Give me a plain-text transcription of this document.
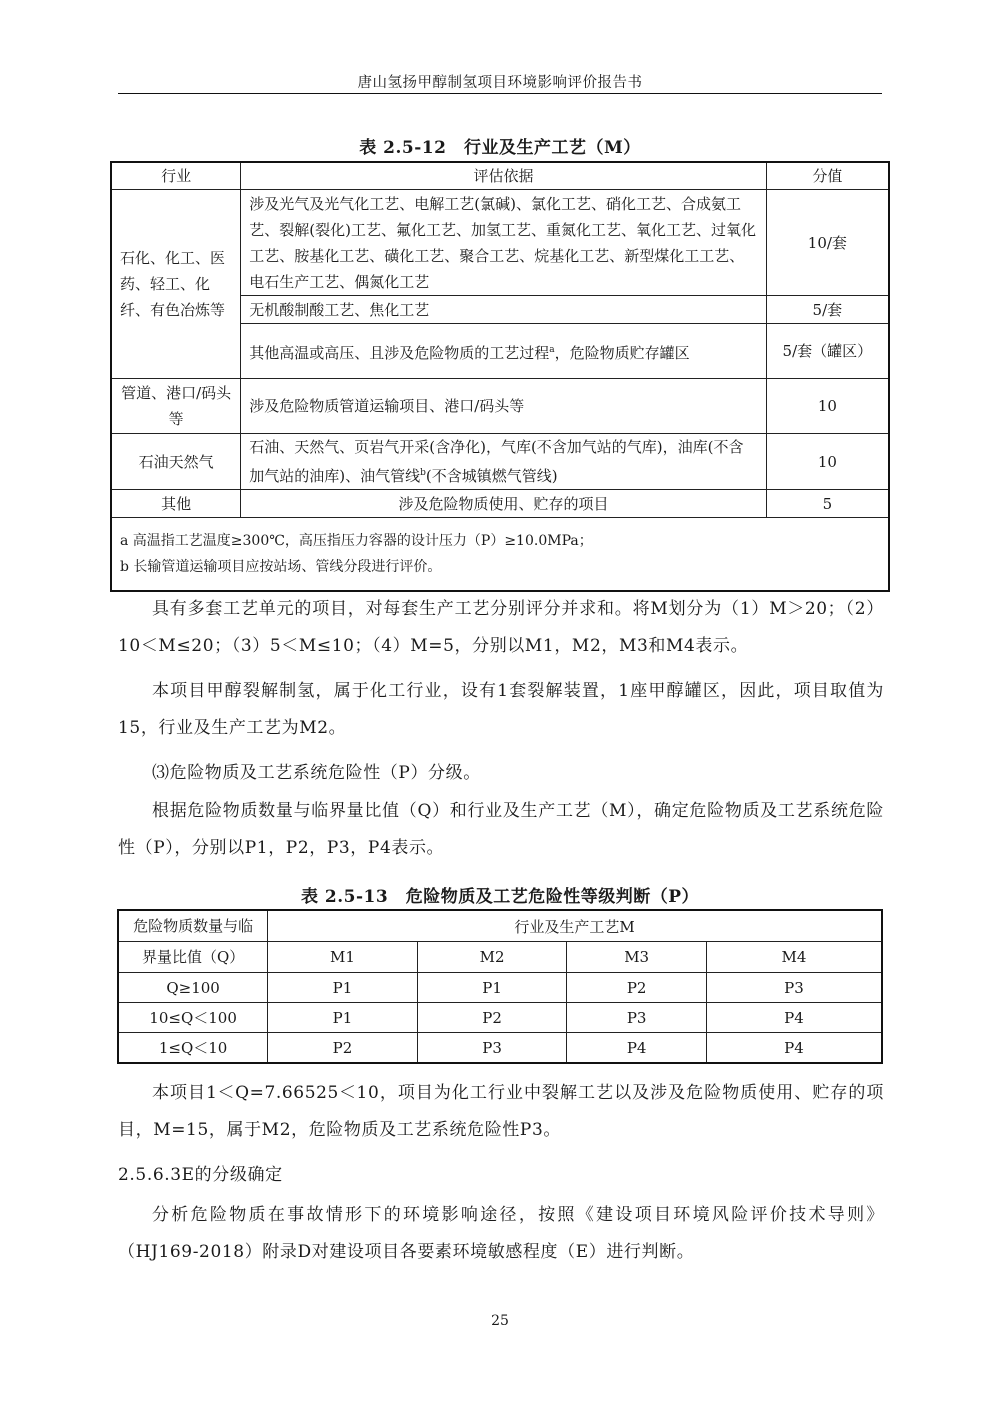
唐山氢扬甲醇制氢项目环境影响评价报告书
表 2.5-12　行业及生产工艺（M）
行业	评估依据	分值
石化、化工、医药、轻工、化纤、有色冶炼等	涉及光气及光气化工艺、电解工艺(氯碱)、氯化工艺、硝化工艺、合成氨工艺、裂解(裂化)工艺、氟化工艺、加氢工艺、重氮化工艺、氧化工艺、过氧化工艺、胺基化工艺、磺化工艺、聚合工艺、烷基化工艺、新型煤化工工艺、电石生产工艺、偶氮化工艺	10/套
	无机酸制酸工艺、焦化工艺	5/套
	其他高温或高压、且涉及危险物质的工艺过程$^a$，危险物质贮存罐区	5/套（罐区）
管道、港口/码头等	涉及危险物质管道运输项目、港口/码头等	10
石油天然气	石油、天然气、页岩气开采(含净化)，气库(不含加气站的气库)，油库(不含加气站的油库)、油气管线$^b$(不含城镇燃气管线)	10
其他	涉及危险物质使用、贮存的项目	5

a 高温指工艺温度≥300℃，高压指压力容器的设计压力（P）≥10.0MPa；
b 长输管道运输项目应按站场、管线分段进行评价。		

具有多套工艺单元的项目，对每套生产工艺分别评分并求和。将M划分为（1）M＞20；（2）10＜M≤20；（3）5＜M≤10；（4）M=5，分别以M1，M2，M3和M4表示。

本项目甲醇裂解制氢，属于化工行业，设有1套裂解装置，1座甲醇罐区，因此，项目取值为15，行业及生产工艺为M2。

⑶危险物质及工艺系统危险性（P）分级。

根据危险物质数量与临界量比值（Q）和行业及生产工艺（M），确定危险物质及工艺系统危险性（P），分别以P1，P2，P3，P4表示。

表 2.5-13　危险物质及工艺危险性等级判断（P）
危险物质数量与临
界量比值（Q）	行业及生产工艺M			
	M1	M2	M3	M4
Q≥100	P1	P1	P2	P3
10≤Q＜100	P1	P2	P3	P4
1≤Q＜10	P2	P3	P4	P4

本项目1＜Q=7.66525＜10，项目为化工行业中裂解工艺以及涉及危险物质使用、贮存的项目，M=15，属于M2，危险物质及工艺系统危险性P3。

2.5.6.3E的分级确定

分析危险物质在事故情形下的环境影响途径，按照《建设项目环境风险评价技术导则》（HJ169-2018）附录D对建设项目各要素环境敏感程度（E）进行判断。

25
